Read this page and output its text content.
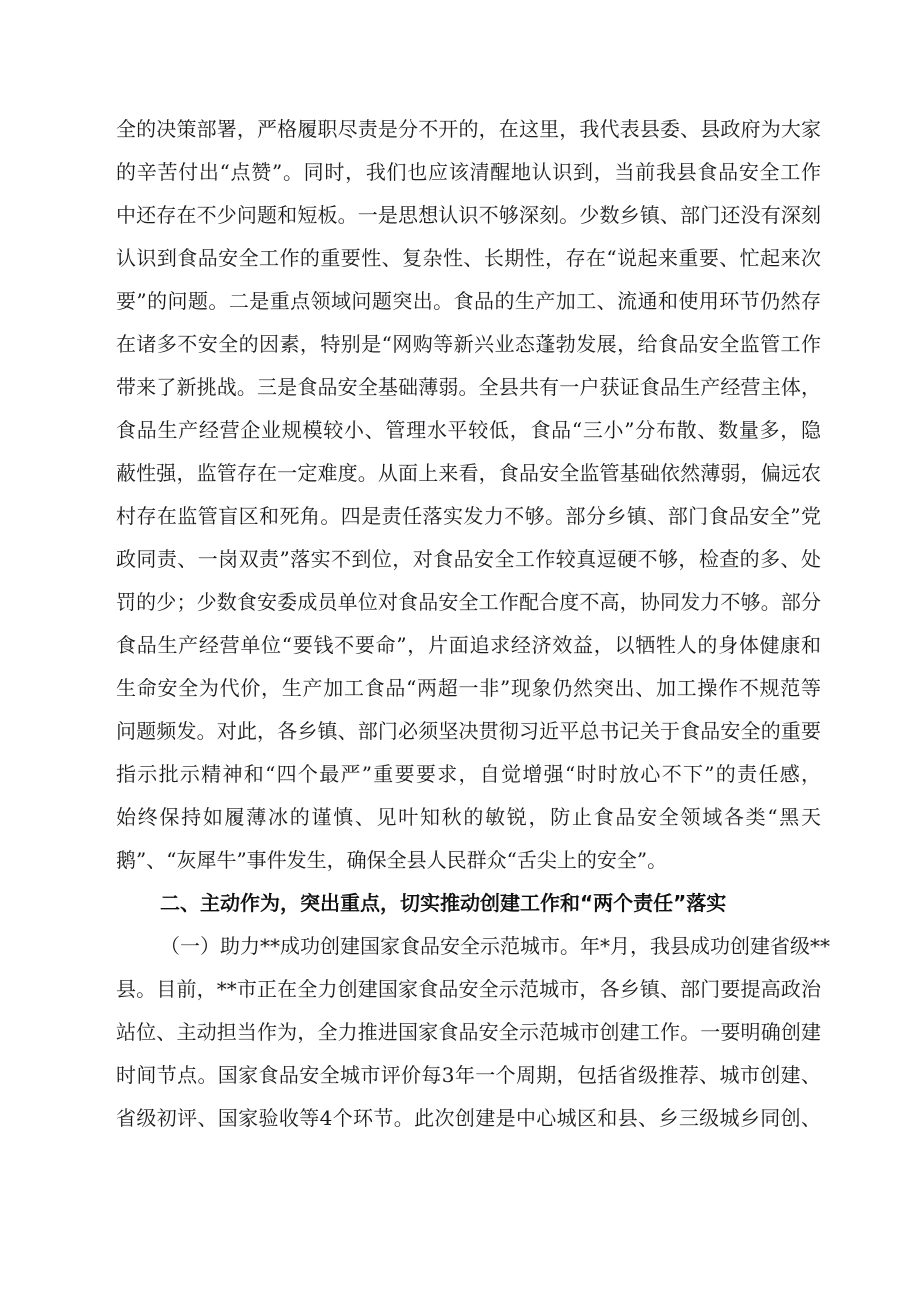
全的决策部署，严格履职尽责是分不开的，在这里，我代表县委、县政府为大家
的辛苦付出“点赞”。同时，我们也应该清醒地认识到，当前我县食品安全工作
中还存在不少问题和短板。一是思想认识不够深刻。少数乡镇、部门还没有深刻
认识到食品安全工作的重要性、复杂性、长期性，存在“说起来重要、忙起来次
要”的问题。二是重点领域问题突出。食品的生产加工、流通和使用环节仍然存
在诸多不安全的因素，特别是“网购等新兴业态蓬勃发展，给食品安全监管工作
带来了新挑战。三是食品安全基础薄弱。全县共有一户获证食品生产经营主体，
食品生产经营企业规模较小、管理水平较低，食品“三小”分布散、数量多，隐
蔽性强，监管存在一定难度。从面上来看，食品安全监管基础依然薄弱，偏远农
村存在监管盲区和死角。四是责任落实发力不够。部分乡镇、部门食品安全”党
政同责、一岗双责”落实不到位，对食品安全工作较真逗硬不够，检查的多、处
罚的少；少数食安委成员单位对食品安全工作配合度不高，协同发力不够。部分
食品生产经营单位“要钱不要命”，片面追求经济效益，以牺牲人的身体健康和
生命安全为代价，生产加工食品“两超一非”现象仍然突出、加工操作不规范等
问题频发。对此，各乡镇、部门必须坚决贯彻习近平总书记关于食品安全的重要
指示批示精神和“四个最严”重要要求，自觉增强“时时放心不下”的责任感，
始终保持如履薄冰的谨慎、见叶知秋的敏锐，防止食品安全领域各类“黑天
鹅”、“灰犀牛”事件发生，确保全县人民群众“舌尖上的安全”。
二、主动作为，突出重点，切实推动创建工作和“两个责任”落实
（一）助力**成功创建国家食品安全示范城市。年*月，我县成功创建省级**
县。目前，**市正在全力创建国家食品安全示范城市，各乡镇、部门要提高政治
站位、主动担当作为，全力推进国家食品安全示范城市创建工作。一要明确创建
时间节点。国家食品安全城市评价每3年一个周期，包括省级推荐、城市创建、
省级初评、国家验收等4个环节。此次创建是中心城区和县、乡三级城乡同创、
